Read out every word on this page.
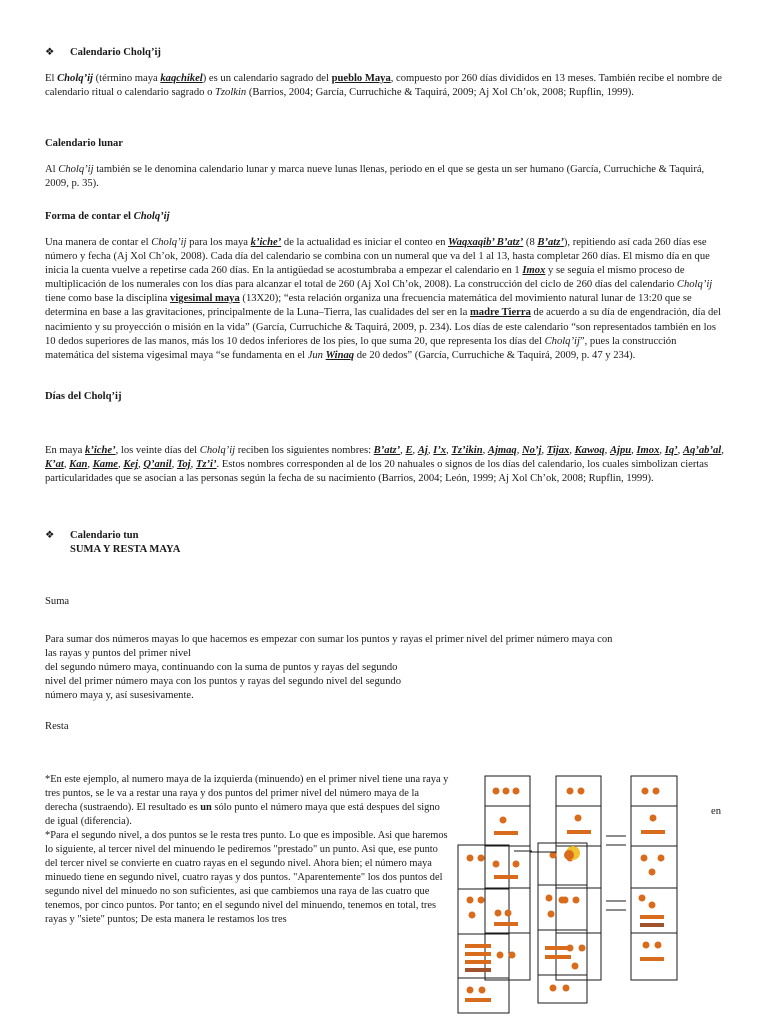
❖ Calendario Cholq’ij

El Cholq’ij (término maya kaqchikel) es un calendario sagrado del pueblo Maya, compuesto por 260 días divididos en 13 meses. También recibe el nombre de calendario ritual o calendario sagrado o Tzolkin (Barrios, 2004; García, Curruchiche & Taquirá, 2009; Aj Xol Ch’ok, 2008; Rupflin, 1999).

Calendario lunar

Al Cholq’ij también se le denomina calendario lunar y marca nueve lunas llenas, periodo en el que se gesta un ser humano (García, Curruchiche & Taquirá, 2009, p. 35).

Forma de contar el Cholq’ij

Una manera de contar el Cholq’ij para los maya k’iche’ de la actualidad es iniciar el conteo en Waqxaqib’ B’atz’ (8 B’atz’), repitiendo así cada 260 días ese número y fecha (Aj Xol Ch’ok, 2008). Cada día del calendario se combina con un numeral que va del 1 al 13, hasta completar 260 días. El mismo día en que inicia la cuenta vuelve a repetirse cada 260 días. En la antigüedad se acostumbraba a empezar el calendario en 1 Imox y se seguía el mismo proceso de multiplicación de los numerales con los días para alcanzar el total de 260 (Aj Xol Ch’ok, 2008). La construcción del ciclo de 260 días del calendario Cholq’ij tiene como base la disciplina vigesimal maya (13X20); “esta relación organiza una frecuencia matemática del movimiento natural lunar de 13:20 que se determina en base a las gravitaciones, principalmente de la Luna–Tierra, las cualidades del ser en la madre Tierra de acuerdo a su día de engendración, día del nacimiento y su proyección o misión en la vida” (García, Curruchiche & Taquirá, 2009, p. 234). Los días de este calendario “son representados también en los 10 dedos superiores de las manos, más los 10 dedos inferiores de los pies, lo que suma 20, que representa los días del Cholq’ij”, pues la construcción matemática del sistema vigesimal maya “se fundamenta en el Jun Winaq de 20 dedos” (García, Curruchiche & Taquirá, 2009, p. 47 y 234).

Días del Cholq’ij

En maya k’iche’, los veinte días del Cholq’ij reciben los siguientes nombres: B’atz’, E, Aj, I’x, Tz’ikin, Ajmaq, No’j, Tijax, Kawoq, Ajpu, Imox, Iq’, Aq’ab’al, K’at, Kan, Kame, Kej, Q’anil, Toj, Tz’i’. Estos nombres corresponden al de los 20 nahuales o signos de los días del calendario, los cuales simbolizan ciertas particularidades que se asocian a las personas según la fecha de su nacimiento (Barrios, 2004; León, 1999; Aj Xol Ch’ok, 2008; Rupflin, 1999).

❖ Calendario tun
SUMA Y RESTA MAYA
Suma
Para sumar dos números mayas lo que hacemos es empezar con sumar los puntos y rayas el primer nivel del primer número maya con
las rayas y puntos del primer nivel
del segundo número maya, continuando con la suma de puntos y rayas del segundo
nivel del primer número maya con los puntos y rayas del segundo nivel del segundo
número maya y, así susesivamente.
Resta
*En este ejemplo, al numero maya de la izquierda (minuendo) en el primer nivel tiene una raya y tres puntos, se le va a restar una raya y dos puntos del primer nivel del número maya de la derecha (sustraendo). El resultado es un sólo punto el número maya que está despues del signo de igual (diferencia).
*Para el segundo nivel, a dos puntos se le resta tres punto. Lo que es imposible. Asi que haremos lo siguiente, al tercer nivel del minuendo le pediremos "prestado" un punto. Asi que, ese punto del tercer nivel se convierte en cuatro rayas en el segundo nivel. Ahora bien; el número maya minuedo tiene en segundo nivel, cuatro rayas y dos puntos. "Aparentemente" los dos puntos del segundo nivel del minuedo no son suficientes, asi que cambiemos una raya de las cuatro que tenemos, por cinco puntos. Por tanto; en el segundo nivel del minuendo, tenemos en total, tres rayas y "siete" puntos; De esta manera le restamos los tres
en
